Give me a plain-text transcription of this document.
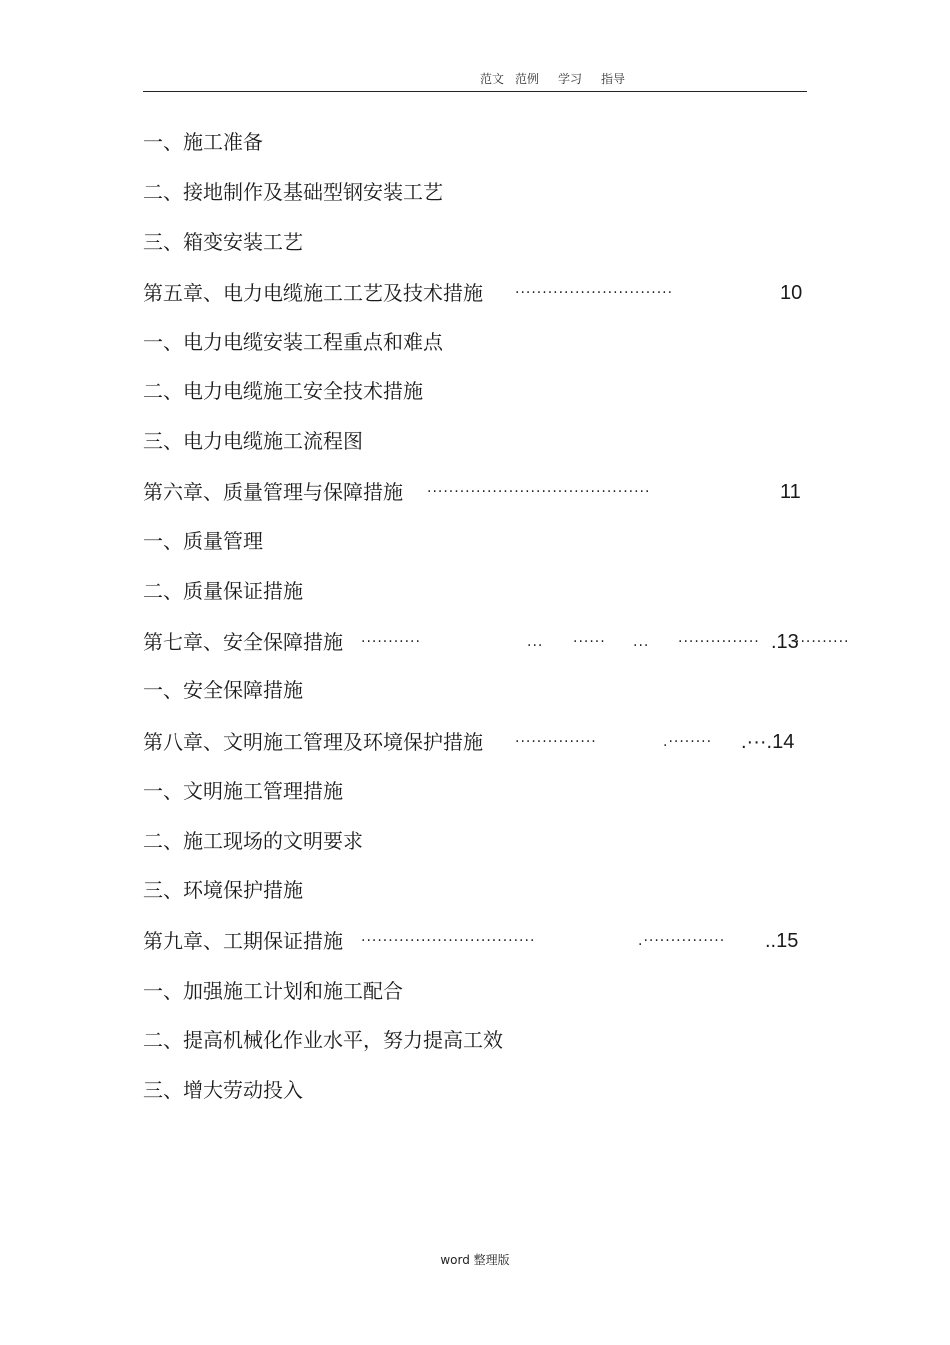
范文 范例 学习 指导
一、施工准备
二、接地制作及基础型钢安装工艺
三、箱变安装工艺
第五章、电力电缆施工工艺及技术措施 ·····························	10
一、电力电缆安装工程重点和难点
二、电力电缆施工安全技术措施
三、电力电缆施工流程图
第六章、质量管理与保障措施 ·········································	11
一、质量管理
二、质量保证措施
第七章、安全保障措施 ···········	... ······ ... ··············· .13
··········
一、安全保障措施
第八章、文明施工管理及环境保护措施 ···············	.········ .···.14
一、文明施工管理措施
二、施工现场的文明要求
三、环境保护措施
第九章、工期保证措施 ································	.··············· ..15
一、加强施工计划和施工配合
二、提高机械化作业水平，努力提高工效
三、增大劳动投入
word 整理版
